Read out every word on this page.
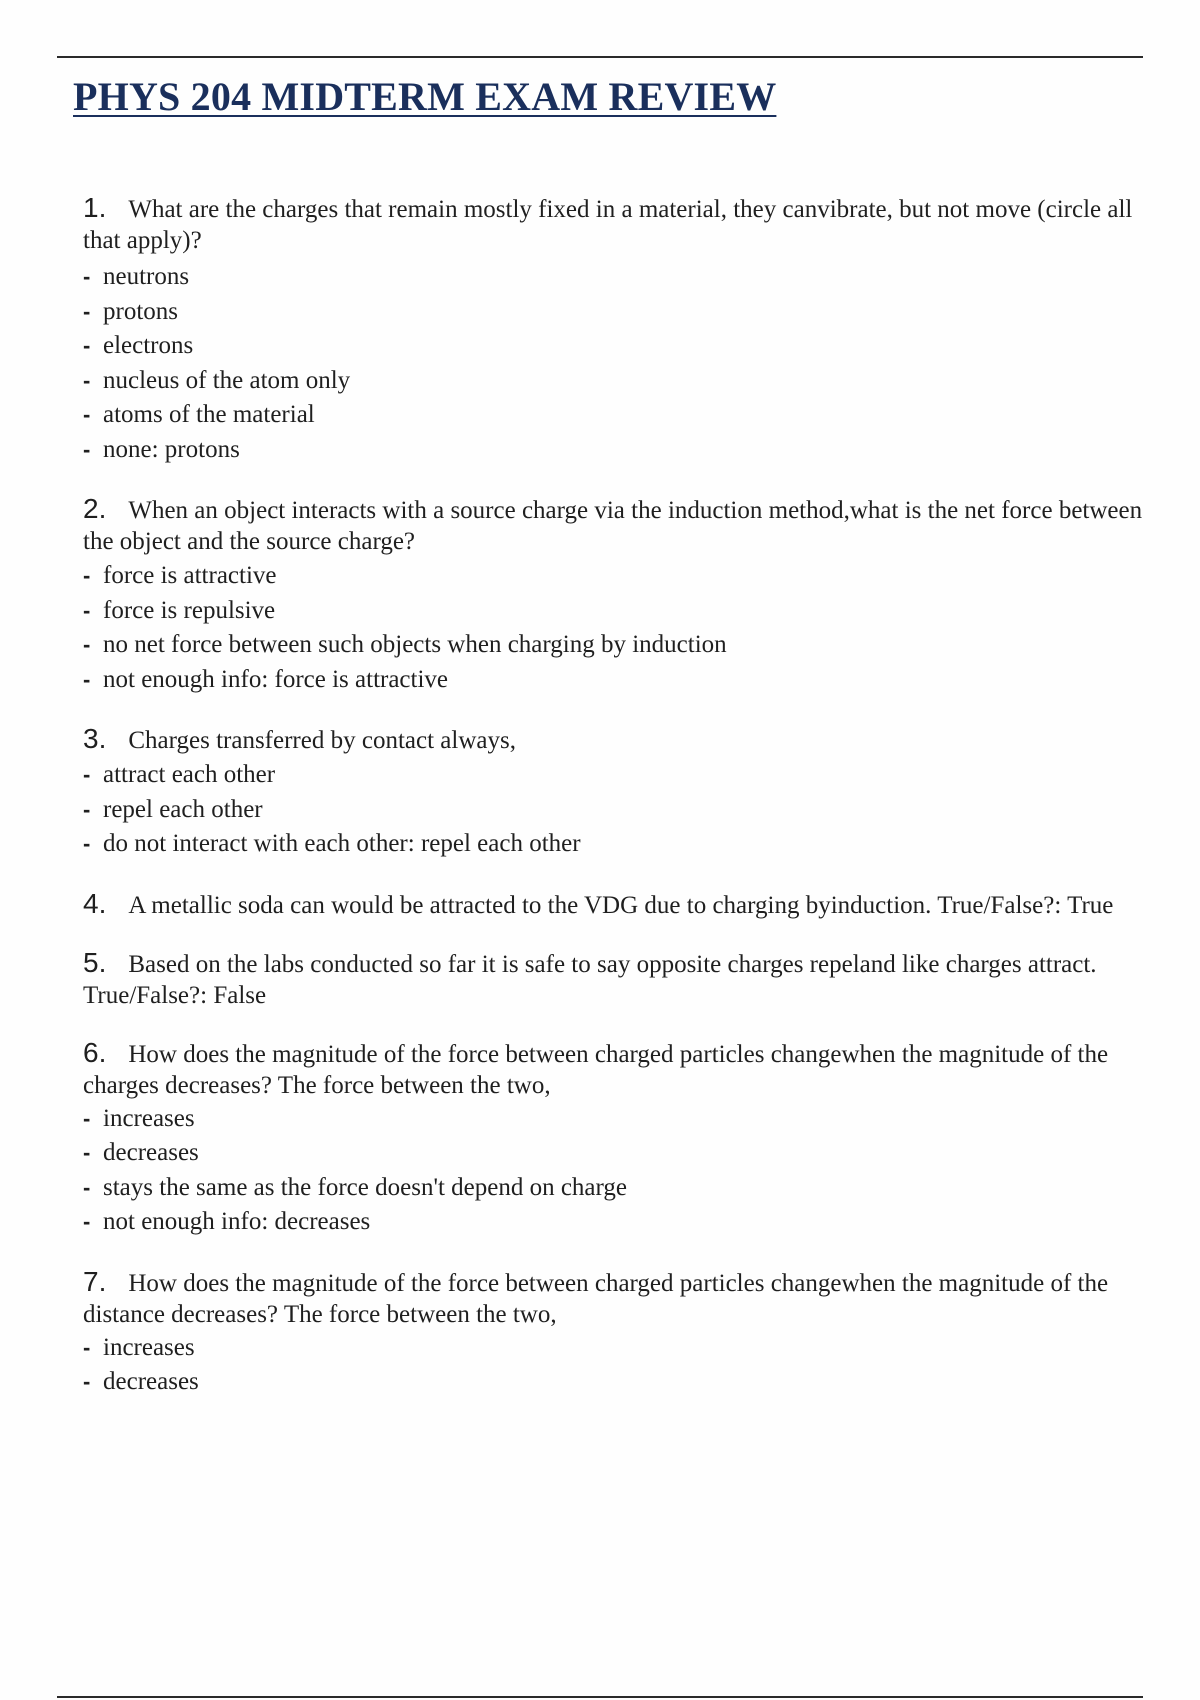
PHYS 204 MIDTERM EXAM REVIEW

1. What are the charges that remain mostly fixed in a material, they canvibrate, but not move (circle all that apply)?

- neutrons
- protons
- electrons
- nucleus of the atom only
- atoms of the material
- none: protons

2. When an object interacts with a source charge via the induction method,what is the net force between the object and the source charge?

- force is attractive
- force is repulsive
- no net force between such objects when charging by induction
- not enough info: force is attractive

3. Charges transferred by contact always,

- attract each other
- repel each other
- do not interact with each other: repel each other

4. A metallic soda can would be attracted to the VDG due to charging byinduction. True/False?: True

5. Based on the labs conducted so far it is safe to say opposite charges repeland like charges attract. True/False?: False

6. How does the magnitude of the force between charged particles changewhen the magnitude of the charges decreases? The force between the two,

- increases
- decreases
- stays the same as the force doesn't depend on charge
- not enough info: decreases

7. How does the magnitude of the force between charged particles changewhen the magnitude of the distance decreases? The force between the two,

- increases
- decreases
